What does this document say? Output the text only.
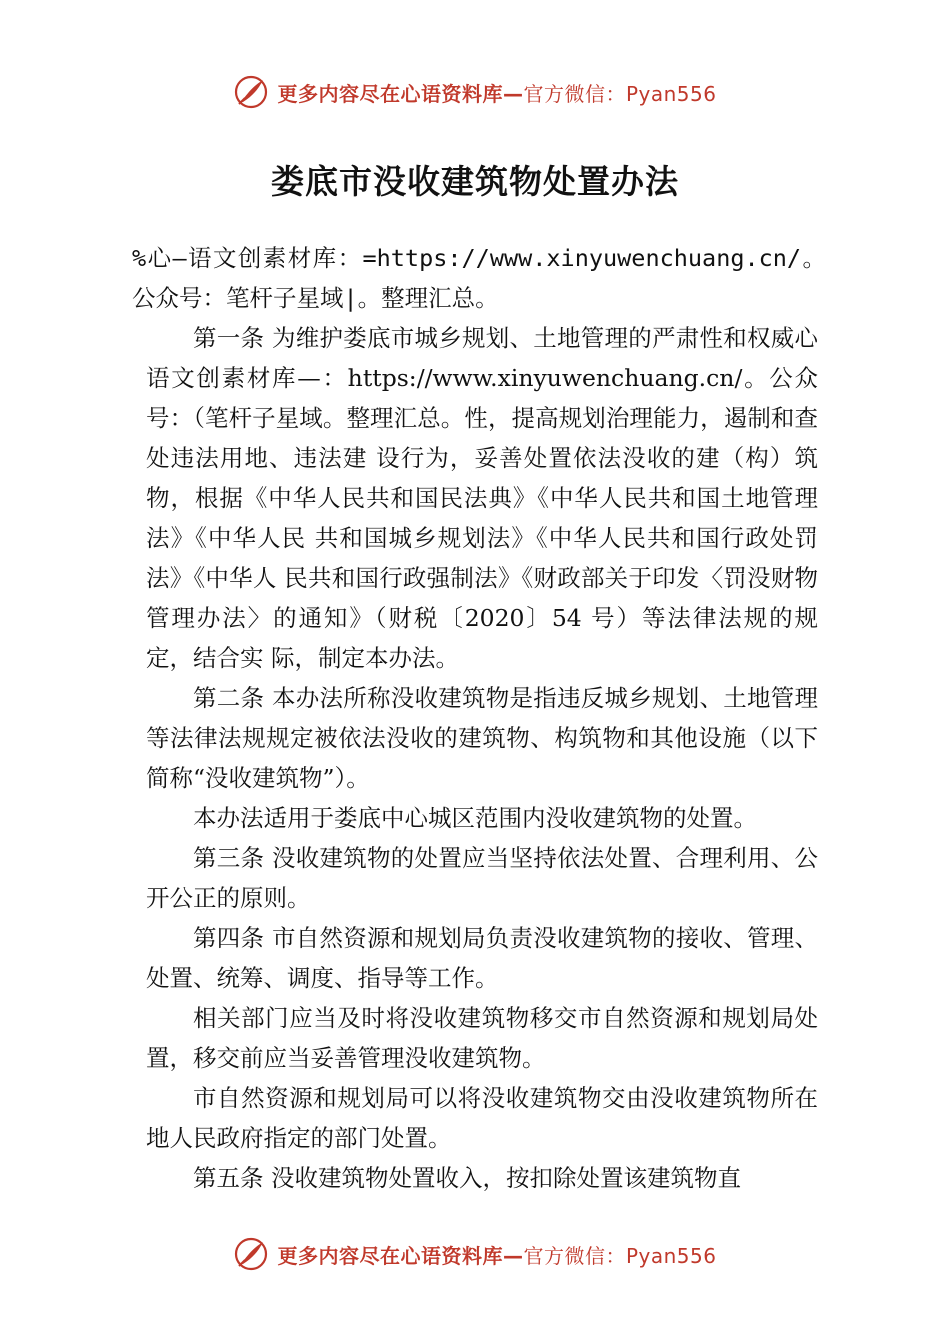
更多内容尽在心语资料库—官方微信：Pyan556
娄底市没收建筑物处置办法

%心—语文创素材库：=https://www.xinyuwenchuang.cn/。公众号：笔杆子星域|。整理汇总。

第一条 为维护娄底市城乡规划、土地管理的严肃性和权威心语文创素材库—：https://www.xinyuwenchuang.cn/。公众号：（笔杆子星域。整理汇总。性，提高规划治理能力，遏制和查处违法用地、违法建 设行为，妥善处置依法没收的建（构）筑物，根据《中华人民共和国民法典》《中华人民共和国土地管理法》《中华人民 共和国城乡规划法》《中华人民共和国行政处罚法》《中华人 民共和国行政强制法》《财政部关于印发〈罚没财物管理办法〉的通知》（财税〔2020〕54 号）等法律法规的规定，结合实 际，制定本办法。

第二条 本办法所称没收建筑物是指违反城乡规划、土地管理等法律法规规定被依法没收的建筑物、构筑物和其他设施（以下简称“没收建筑物”）。

本办法适用于娄底中心城区范围内没收建筑物的处置。

第三条 没收建筑物的处置应当坚持依法处置、合理利用、公开公正的原则。

第四条 市自然资源和规划局负责没收建筑物的接收、管理、处置、统筹、调度、指导等工作。

相关部门应当及时将没收建筑物移交市自然资源和规划局处置，移交前应当妥善管理没收建筑物。

市自然资源和规划局可以将没收建筑物交由没收建筑物所在地人民政府指定的部门处置。

第五条 没收建筑物处置收入，按扣除处置该建筑物直

更多内容尽在心语资料库—官方微信：Pyan556
